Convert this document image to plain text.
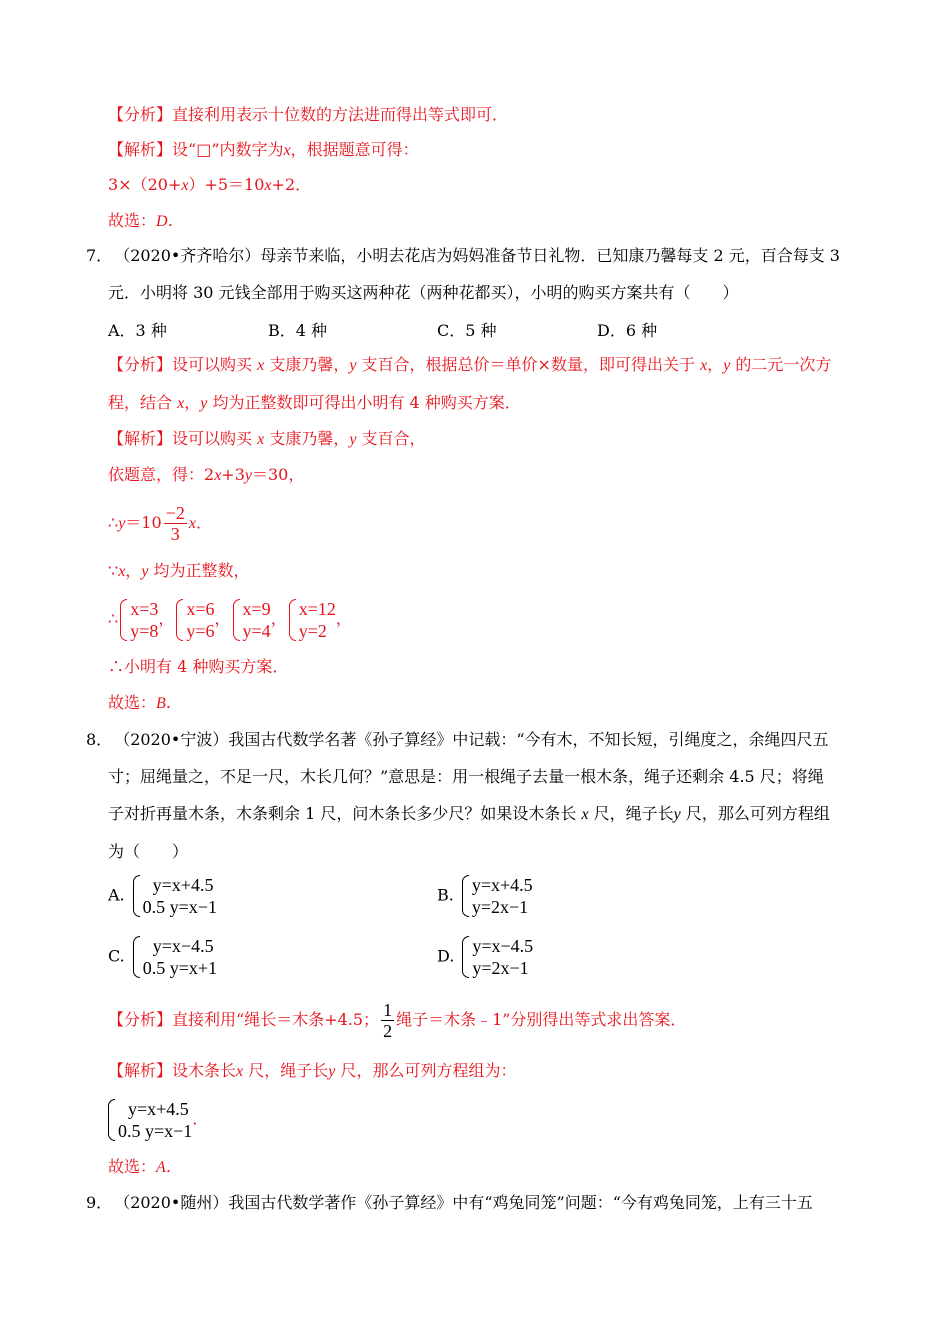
【分析】直接利用表示十位数的方法进而得出等式即可．
【解析】设“□”内数字为x，根据题意可得：
3×（20+x）+5＝10x+2．
故选：D．
7． （2020•齐齐哈尔）母亲节来临，小明去花店为妈妈准备节日礼物．已知康乃馨每支 2 元，百合每支 3
元．小明将 30 元钱全部用于购买这两种花（两种花都买），小明的购买方案共有（　　）
A．3 种	B．4 种	C．5 种	D．6 种
【分析】设可以购买 x 支康乃馨，y 支百合，根据总价＝单价×数量，即可得出关于 x，y 的二元一次方
程，结合 x，y 均为正整数即可得出小明有 4 种购买方案．
【解析】设可以购买 x 支康乃馨，y 支百合，
依题意，得：2x+3y＝30，
∴y＝10 $\frac{-2}{3}$ x．
∵x，y 均为正整数，
∴ x=3
y=8
， x=6
y=6
， x=9
y=4
， x=12
y=2
，
∴小明有 4 种购买方案．
故选：B．
8． （2020•宁波）我国古代数学名著《孙子算经》中记载：“今有木，不知长短，引绳度之，余绳四尺五
寸；屈绳量之，不足一尺，木长几何？”意思是：用一根绳子去量一根木条，绳子还剩余 4.5 尺；将绳
子对折再量木条，木条剩余 1 尺，问木条长多少尺？如果设木条长 x 尺，绳子长y 尺，那么可列方程组
为（　　）
A.	y=x+4.5
0.5 y=x−1
B. y=x+4.5
y=2x−1
C.	y=x−4.5
0.5 y=x+1
D. y=x−4.5
y=2x−1
【分析】直接利用“绳长＝木条+4.5； $\frac{1}{2}$ 绳子＝木条﹣1”分别得出等式求出答案．
【解析】设木条长x 尺，绳子长y 尺，那么可列方程组为：
y=x+4.5
0.5 y=x−1
．
故选：A．
9． （2020•随州）我国古代数学著作《孙子算经》中有“鸡兔同笼”问题：“今有鸡兔同笼，上有三十五
